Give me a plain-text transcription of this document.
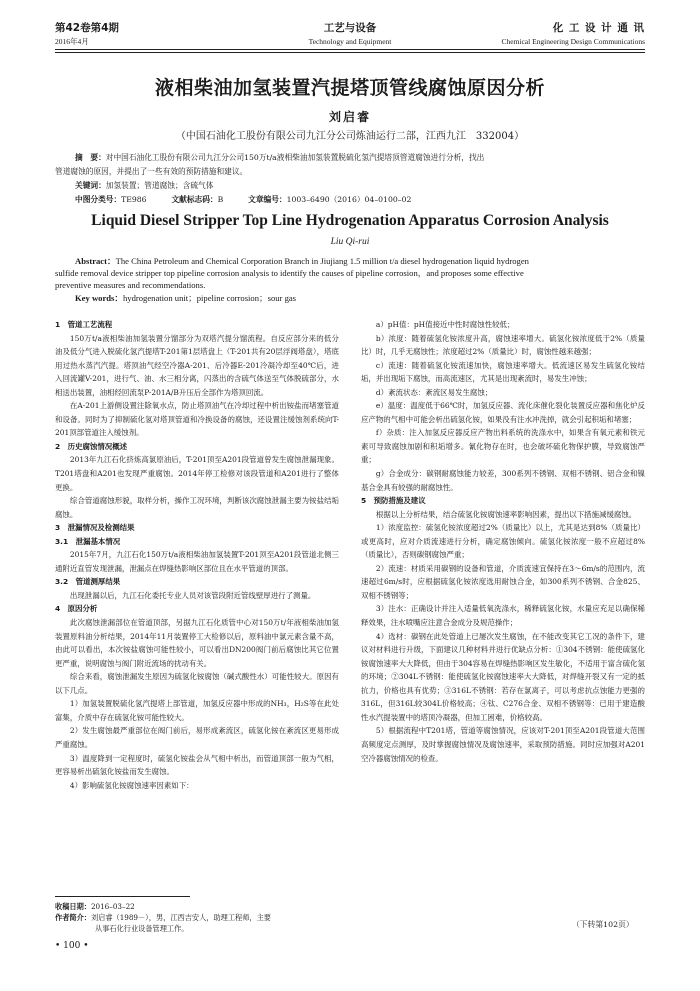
第42卷第4期
2016年4月
工艺与设备
Technology and Equipment
化 工 设 计 通 讯
Chemical Engineering Design Communications
液相柴油加氢装置汽提塔顶管线腐蚀原因分析
刘启睿
（中国石油化工股份有限公司九江分公司炼油运行二部，江西九江　332004）
摘　要：对中国石油化工股份有限公司九江分公司150万t/a液相柴油加氢装置脱硫化氢汽提塔顶管道腐蚀进行分析，找出
管道腐蚀的原因，并提出了一些有效的预防措施和建议。
关键词：加氢装置；管道腐蚀；含硫气体
中图分类号：TE986	文献标志码：B	文章编号：1003–6490（2016）04–0100–02
Liquid Diesel Stripper Top Line Hydrogenation Apparatus Corrosion Analysis
Liu Qi-rui
Abstract：The China Petroleum and Chemical Corporation Branch in Jiujiang 1.5 million t/a diesel hydrogenation liquid hydrogen
sulfide removal device stripper top pipeline corrosion analysis to identify the causes of pipeline corrosion，and proposes some effective
preventive measures and recommendations.
Key words：hydrogenation unit；pipeline corrosion；sour gas

1　管道工艺流程

150万t/a液相柴油加氢装置分馏部分为双塔汽提分馏流程。自反应部分来的低分油及低分气进入脱硫化氢汽提塔T-201第1层塔盘上（T-201共有20层浮阀塔盘），塔底用过热水蒸汽汽提。塔顶油气经空冷器A-201、后冷器E-201冷凝冷却至40℃后，进入回流罐V-201，进行气、油、水三相分离，闪蒸出的含硫气体送至气体脱硫部分，水相送出装置，油相经回流泵P-201A/B升压后全部作为塔顶回流。

在A-201上游侧设置注除氧水点，防止塔顶油气在冷却过程中析出铵盐而堵塞管道和设备。同时为了抑制硫化氢对塔顶管道和冷换设备的腐蚀，还设置注缓蚀剂系统向T-201顶部管道注入缓蚀剂。

2　历史腐蚀情况概述

2013年九江石化挤炼高氯原油后，T-201顶至A201段管道曾发生腐蚀泄漏现象。T201塔盘和A201也发现严重腐蚀。2014年停工检修对该段管道和A201进行了整体更换。

综合管道腐蚀形貌，取样分析，操作工况环境，判断该次腐蚀泄漏主要为铵盐结垢腐蚀。

3　泄漏情况及检测结果

3.1　泄漏基本情况

2015年7月，九江石化150万t/a液相柴油加氢装置T-201顶至A201段管道北侧三通附近直管发现泄漏，泄漏点在焊缝热影响区部位且在水平管道的顶部。

3.2　管道测厚结果

出现泄漏以后，九江石化委托专业人员对该管段附近管线壁厚进行了测量。

4　原因分析

此次腐蚀泄漏部位在管道顶部，另据九江石化质管中心对150万t/年液相柴油加氢装置原料油分析结果，2014年11月装置停工大检修以后，原料油中氯元素含量不高，由此可以看出，本次铵盐腐蚀可能性较小，可以看出DN200阀门前后腐蚀比其它位置更严重，说明腐蚀与阀门附近流场的扰动有关。

综合来看，腐蚀泄漏发生原因为硫氢化铵腐蚀（碱式酸性水）可能性较大。原因有以下几点。

1）加氢装置脱硫化氢汽提塔上部管道，加氢反应器中形成的NH₃，H₂S等在此处富集，介质中存在硫氢化铵可能性较大。

2）发生腐蚀最严重部位在阀门前后，易形成紊流区，硫氢化铵在紊流区更易形成严重腐蚀。

3）温度降到一定程度时，硫氢化铵盐会从气相中析出，而管道顶部一般为气相，更容易析出硫氢化铵盐而发生腐蚀。

4）影响硫氢化铵腐蚀速率因素如下：

a）pH值：pH值接近中性时腐蚀性较低；

b）浓度：随着硫氢化铵浓度升高，腐蚀速率增大。硫氢化铵浓度低于2%（质量比）时，几乎无腐蚀性；浓度超过2%（质量比）时，腐蚀性越来越强；

c）流速：随着硫氢化铵流速加快，腐蚀速率增大。低流速区易发生硫氢化铵结垢，并出现垢下腐蚀，而高流速区，尤其是出现紊流时，易发生冲蚀；

d）紊流状态：紊流区易发生腐蚀；

e）温度：温度低于66℃时，加氢反应器、流化床催化裂化装置反应器和焦化炉反应产物的气相中可能会析出硫氢化铵，如果没有注水冲洗掉，就会引起积垢和堵塞；

f）杂质：注入加氢反应器反应产物出料系统的洗涤水中，如果含有氧元素和铁元素可导致腐蚀加剧和积垢增多。氰化物存在时，也会破坏硫化物保护膜，导致腐蚀严重；

g）合金成分：碳钢耐腐蚀能力较差，300系列不锈钢、双相不锈钢、铝合金和镍基合金具有较强的耐腐蚀性。

5　预防措施及建议

根据以上分析结果，结合硫氢化铵腐蚀速率影响因素，提出以下措施减缓腐蚀。

1）浓度监控：硫氢化铵浓度超过2%（质量比）以上，尤其是达到8%（质量比）或更高时，应对介质流速进行分析，确定腐蚀倾向。硫氢化铵浓度一般不应超过8%（质量比），否则碳钢腐蚀严重；

2）流速：材质采用碳钢的设备和管道，介质流速宜保持在3～6m/s的范围内，流速超过6m/s时，应根据硫氢化铵浓度选用耐蚀合金，如300系列不锈钢、合金825、双相不锈钢等；

3）注水：正确设计并注入适量低氧洗涤水，稀释硫氢化铵，水量应充足以确保稀释效果，注水喷嘴应注意合金成分及规范操作；

4）选材：碳钢在此处管道上已屡次发生腐蚀，在不能改变其它工况的条件下，建议对材料进行升级，下面建议几种材料并进行优缺点分析：①304不锈钢：能使硫氢化铵腐蚀速率大大降低，但由于304容易在焊缝热影响区发生敏化，不适用于富含硫化氢的环境；②304L不锈钢：能使硫氢化铵腐蚀速率大大降低，对焊缝开裂又有一定的抵抗力，价格也具有优势；③316L不锈钢：若存在氯离子，可以考虑抗点蚀能力更强的316L，但316L较304L价格较高；④钛、C276合金、双相不锈钢等：已用于建造酸性水汽提装置中的塔顶冷凝器，但加工困难，价格较高。

5）根据流程中T201塔，管道等腐蚀情况，应该对T-201顶至A201段管道大范围高频度定点测厚，及时掌握腐蚀情况及腐蚀速率，采取预防措施。同时应加强对A201空冷器腐蚀情况的检查。

收稿日期：2016–03–22
作者简介：刘启睿（1989－），男，江西吉安人，助理工程师，主要
从事石化行业设备管理工作。	（下转第102页）
• 100 •
